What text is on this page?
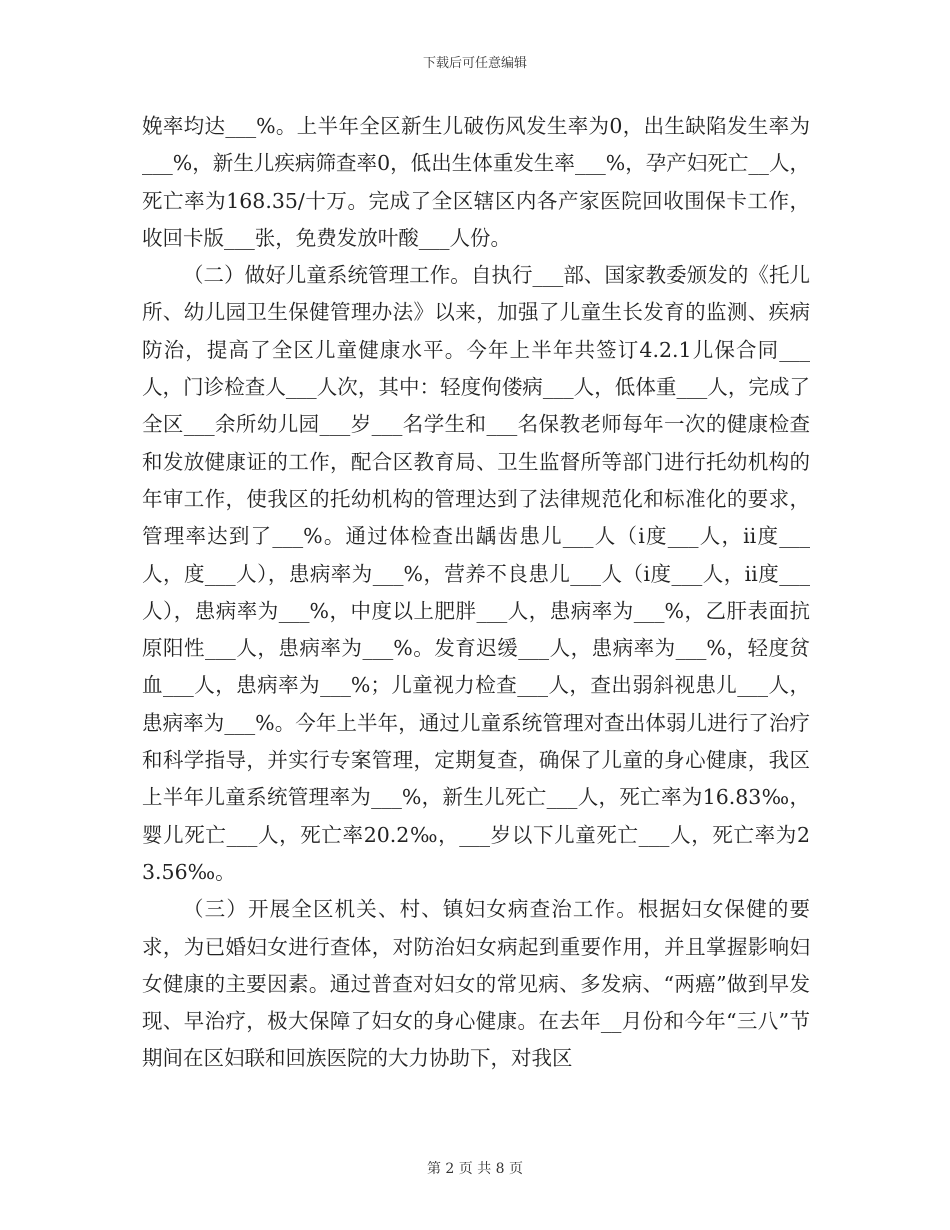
下载后可任意编辑

娩率均达___%。上半年全区新生儿破伤风发生率为0，出生缺陷发生率为___%，新生儿疾病筛查率0，低出生体重发生率___%，孕产妇死亡__人，死亡率为168.35/十万。完成了全区辖区内各产家医院回收围保卡工作，收回卡版___张，免费发放叶酸___人份。

（二）做好儿童系统管理工作。自执行___部、国家教委颁发的《托儿所、幼儿园卫生保健管理办法》以来，加强了儿童生长发育的监测、疾病防治，提高了全区儿童健康水平。今年上半年共签订4.2.1儿保合同___人，门诊检查人___人次，其中：轻度佝偻病___人，低体重___人，完成了全区___余所幼儿园___岁___名学生和___名保教老师每年一次的健康检查和发放健康证的工作，配合区教育局、卫生监督所等部门进行托幼机构的年审工作，使我区的托幼机构的管理达到了法律规范化和标准化的要求，管理率达到了___%。通过体检查出龋齿患儿___人（ⅰ度___人，ⅱ度___人，度___人），患病率为___%，营养不良患儿___人（ⅰ度___人，ⅱ度___人），患病率为___%，中度以上肥胖___人，患病率为___%，乙肝表面抗原阳性___人，患病率为___%。发育迟缓___人，患病率为___%，轻度贫血___人，患病率为___%；儿童视力检查___人，查出弱斜视患儿___人，患病率为___%。今年上半年，通过儿童系统管理对查出体弱儿进行了治疗和科学指导，并实行专案管理，定期复查，确保了儿童的身心健康，我区上半年儿童系统管理率为___%，新生儿死亡___人，死亡率为16.83‰，婴儿死亡___人，死亡率20.2‰，___岁以下儿童死亡___人，死亡率为23.56‰。

（三）开展全区机关、村、镇妇女病查治工作。根据妇女保健的要求，为已婚妇女进行查体，对防治妇女病起到重要作用，并且掌握影响妇女健康的主要因素。通过普查对妇女的常见病、多发病、“两癌”做到早发现、早治疗，极大保障了妇女的身心健康。在去年__月份和今年“三八”节期间在区妇联和回族医院的大力协助下，对我区

第 2 页 共 8 页
